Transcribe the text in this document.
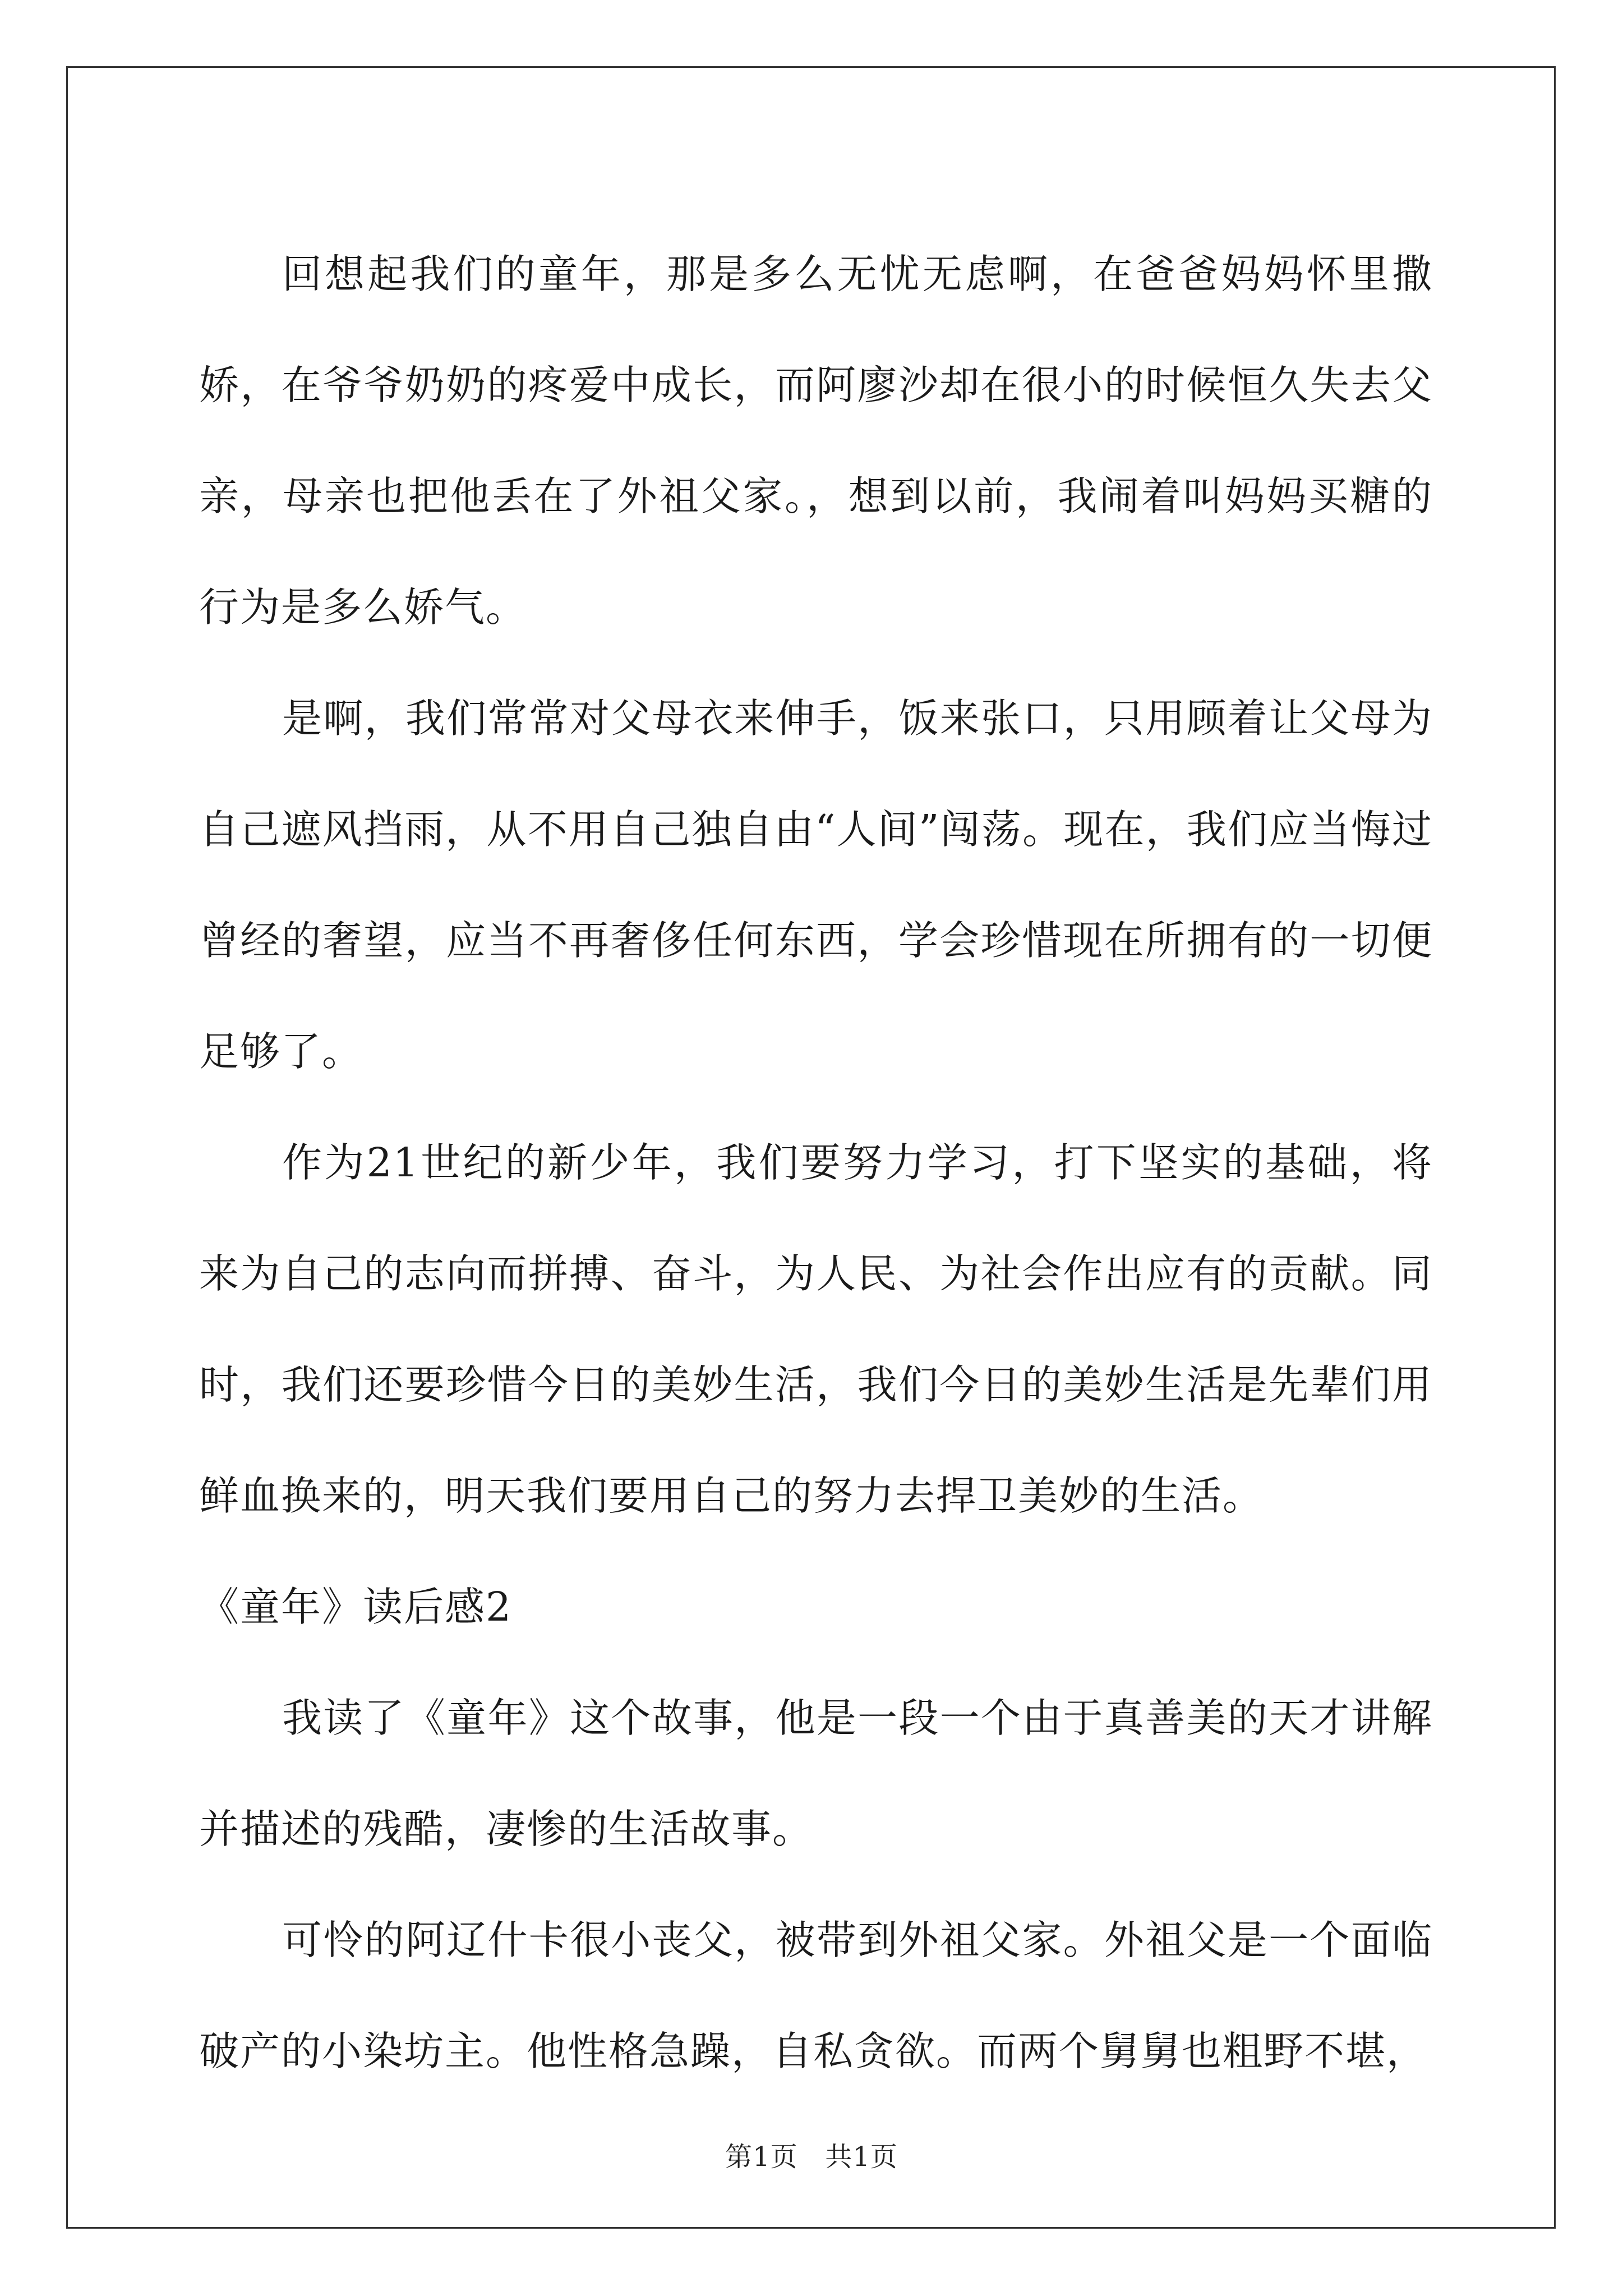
回想起我们的童年，那是多么无忧无虑啊，在爸爸妈妈怀里撒娇，在爷爷奶奶的疼爱中成长，而阿廖沙却在很小的时候恒久失去父亲，母亲也把他丢在了外祖父家。，想到以前，我闹着叫妈妈买糖的行为是多么娇气。

是啊，我们常常对父母衣来伸手，饭来张口，只用顾着让父母为自己遮风挡雨，从不用自己独自由“人间”闯荡。现在，我们应当悔过曾经的奢望，应当不再奢侈任何东西，学会珍惜现在所拥有的一切便足够了。

作为21世纪的新少年，我们要努力学习，打下坚实的基础，将来为自己的志向而拼搏、奋斗，为人民、为社会作出应有的贡献。同时，我们还要珍惜今日的美妙生活，我们今日的美妙生活是先辈们用鲜血换来的，明天我们要用自己的努力去捍卫美妙的生活。

《童年》读后感2

我读了《童年》这个故事，他是一段一个由于真善美的天才讲解并描述的残酷，凄惨的生活故事。

可怜的阿辽什卡很小丧父，被带到外祖父家。外祖父是一个面临破产的小染坊主。他性格急躁，自私贪欲。而两个舅舅也粗野不堪，

第1页 共1页
